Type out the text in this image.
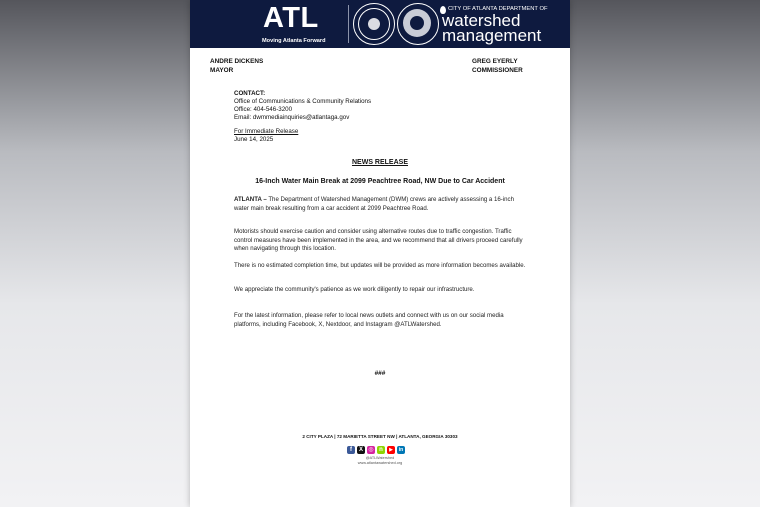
ATL
Moving Atlanta Forward
CITY OF ATLANTA DEPARTMENT OF
watershed
management
ANDRE DICKENS
MAYOR
GREG EYERLY
COMMISSIONER
CONTACT:
Office of Communications & Community Relations
Office: 404-546-3200
Email: dwmmediainquiries@atlantaga.gov
For Immediate Release
June 14, 2025
NEWS RELEASE
16-Inch Water Main Break at 2099 Peachtree Road, NW Due to Car Accident
ATLANTA – The Department of Watershed Management (DWM) crews are actively assessing a 16-inch water main break resulting from a car accident at 2099 Peachtree Road.
Motorists should exercise caution and consider using alternative routes due to traffic congestion. Traffic control measures have been implemented in the area, and we recommend that all drivers proceed carefully when navigating through this location.
There is no estimated completion time, but updates will be provided as more information becomes available.
We appreciate the community's patience as we work diligently to repair our infrastructure.
For the latest information, please refer to local news outlets and connect with us on our social media platforms, including Facebook, X, Nextdoor, and Instagram @ATLWatershed.
###
2 CITY PLAZA | 72 MARIETTA STREET NW | ATLANTA, GEORGIA 30303
f	X ◎ n	▶	in
@ATLWatershed
www.atlantawatershed.org
